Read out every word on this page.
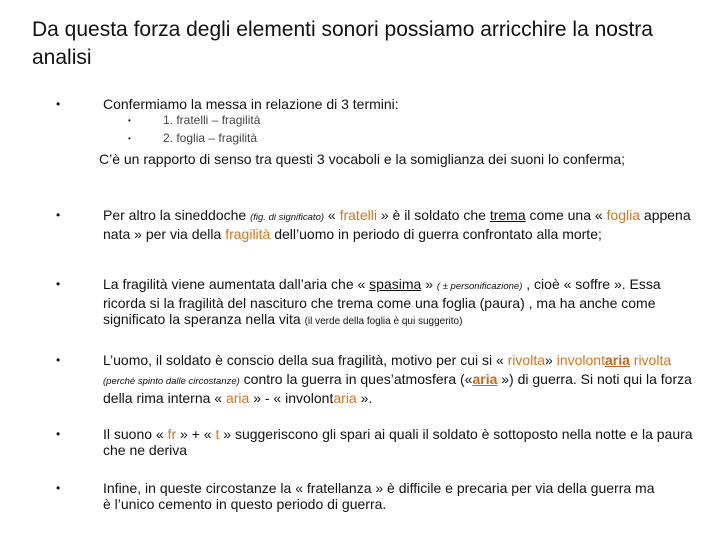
Da questa forza degli elementi sonori possiamo arricchire la nostra analisi
•	Confermiamo la messa in relazione di 3 termini:
•	1. fratelli – fragilità
•	2. foglia – fragilità
C’è un rapporto di senso tra questi 3 vocaboli e la somiglianza dei suoni lo conferma;
•	Per altro la sineddoche (fig. di significato) « fratelli » è il soldato che trema come una « foglia appena nata » per via della fragilità dell’uomo in periodo di guerra confrontato alla morte;
•	La fragilità viene aumentata dall’aria che « spasima » ( ± personificazione) , cioè « soffre ». Essa ricorda si la fragilità del nascituro che trema come una foglia (paura) , ma ha anche come significato la speranza nella vita (il verde della foglia è qui suggerito)
•	L’uomo, il soldato è conscio della sua fragilità, motivo per cui si « rivolta» involontaria rivolta (perché spinto dalle circostanze) contro la guerra in ques’atmosfera («aria ») di guerra. Si noti qui la forza della rima interna « aria » - « involontaria ».
•	Il suono « fr » + « t » suggeriscono gli spari ai quali il soldato è sottoposto nella notte e la paura che ne deriva
•	Infine, in queste circostanze la « fratellanza » è difficile e precaria per via della guerra ma è l’unico cemento in questo periodo di guerra.
